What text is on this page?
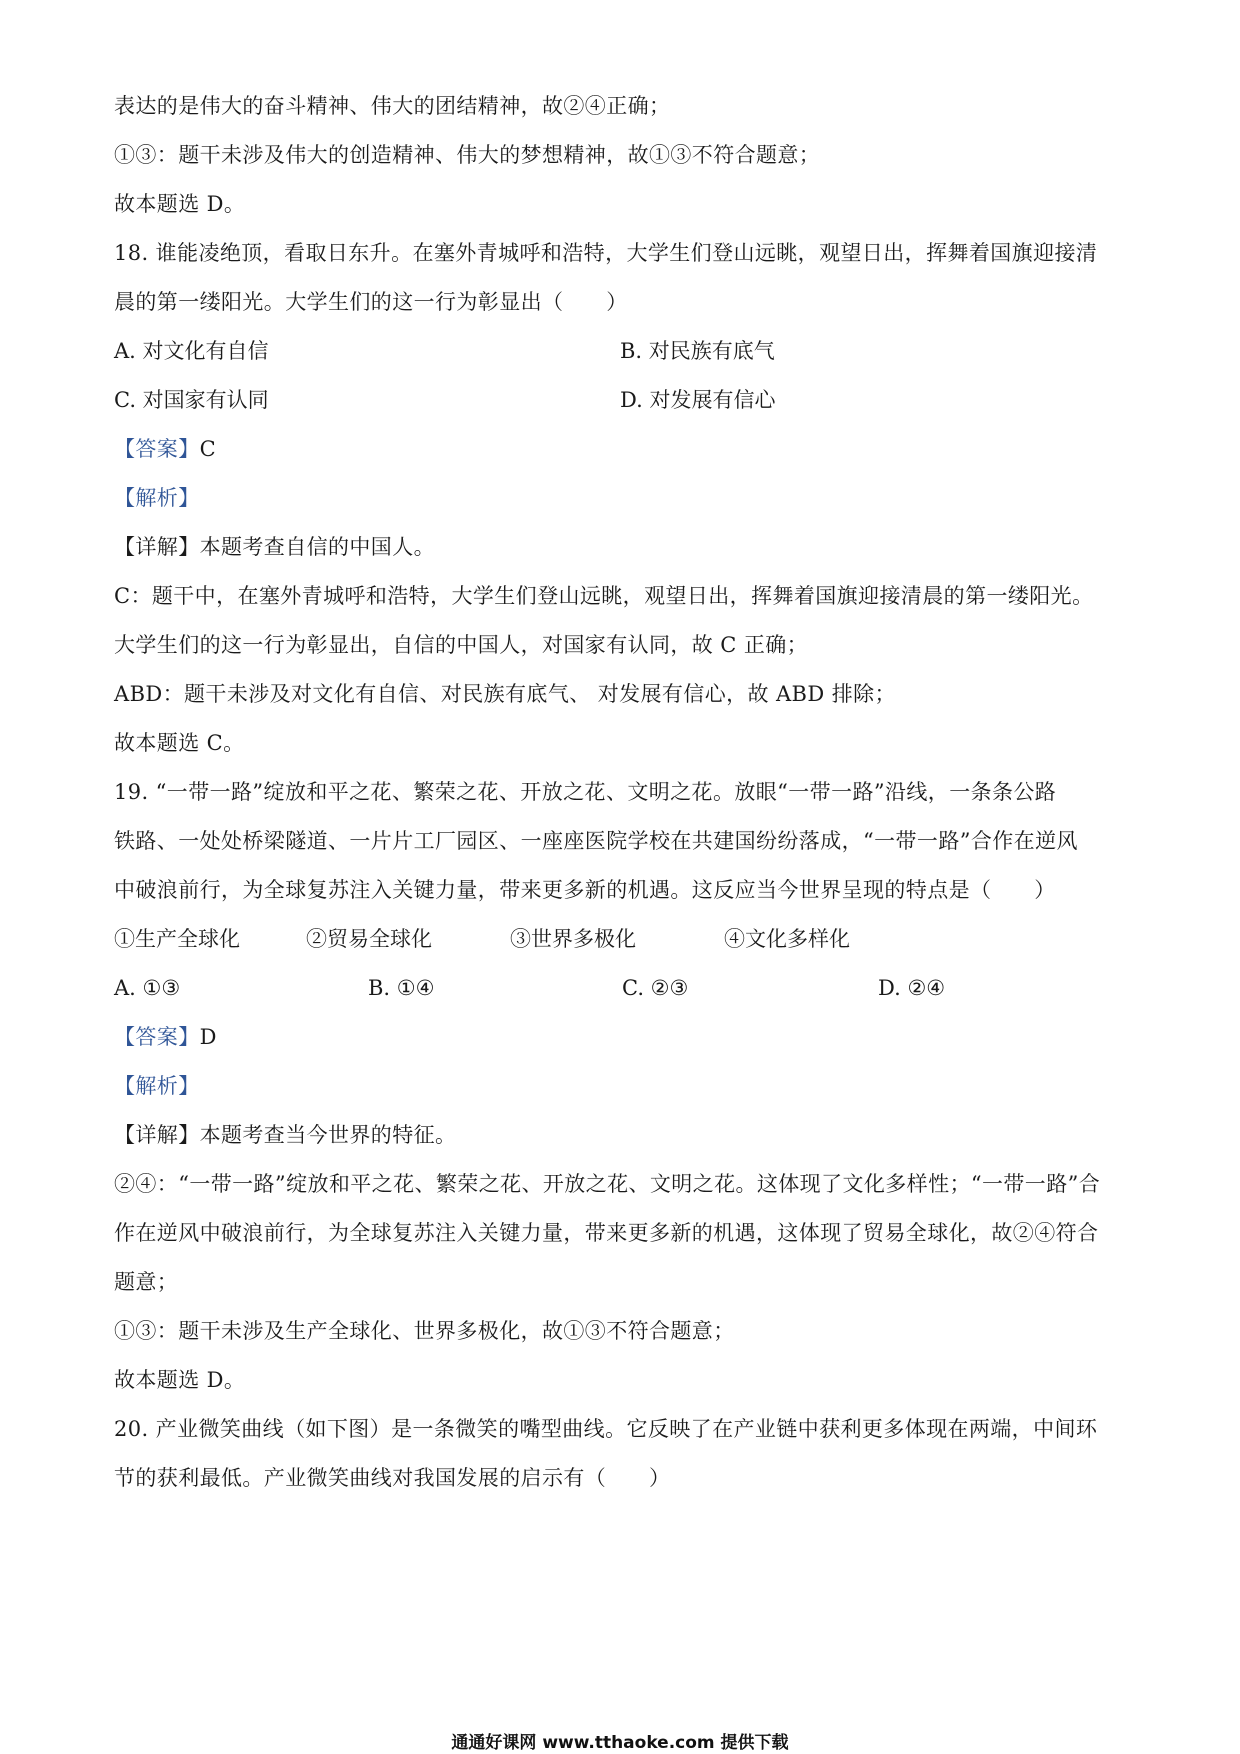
表达的是伟大的奋斗精神、伟大的团结精神，故②④正确；
①③：题干未涉及伟大的创造精神、伟大的梦想精神，故①③不符合题意；
故本题选 D。
18. 谁能凌绝顶，看取日东升。在塞外青城呼和浩特，大学生们登山远眺，观望日出，挥舞着国旗迎接清
晨的第一缕阳光。大学生们的这一行为彰显出（　　）
A. 对文化有自信	B. 对民族有底气
C. 对国家有认同	D. 对发展有信心
【答案】C
【解析】
【详解】本题考查自信的中国人。
C：题干中，在塞外青城呼和浩特，大学生们登山远眺，观望日出，挥舞着国旗迎接清晨的第一缕阳光。
大学生们的这一行为彰显出，自信的中国人，对国家有认同，故 C 正确；
ABD：题干未涉及对文化有自信、对民族有底气、 对发展有信心，故 ABD 排除；
故本题选 C。
19. “一带一路”绽放和平之花、繁荣之花、开放之花、文明之花。放眼“一带一路”沿线，一条条公路
铁路、一处处桥梁隧道、一片片工厂园区、一座座医院学校在共建国纷纷落成，“一带一路”合作在逆风
中破浪前行，为全球复苏注入关键力量，带来更多新的机遇。这反应当今世界呈现的特点是（　　）
①生产全球化	②贸易全球化	③世界多极化	④文化多样化
A. ①③	B. ①④	C. ②③	D. ②④
【答案】D
【解析】
【详解】本题考查当今世界的特征。
②④：“一带一路”绽放和平之花、繁荣之花、开放之花、文明之花。这体现了文化多样性；“一带一路”合
作在逆风中破浪前行，为全球复苏注入关键力量，带来更多新的机遇，这体现了贸易全球化，故②④符合
题意；
①③：题干未涉及生产全球化、世界多极化，故①③不符合题意；
故本题选 D。
20. 产业微笑曲线（如下图）是一条微笑的嘴型曲线。它反映了在产业链中获利更多体现在两端，中间环
节的获利最低。产业微笑曲线对我国发展的启示有（　　）
通通好课网 www.tthaoke.com 提供下载
